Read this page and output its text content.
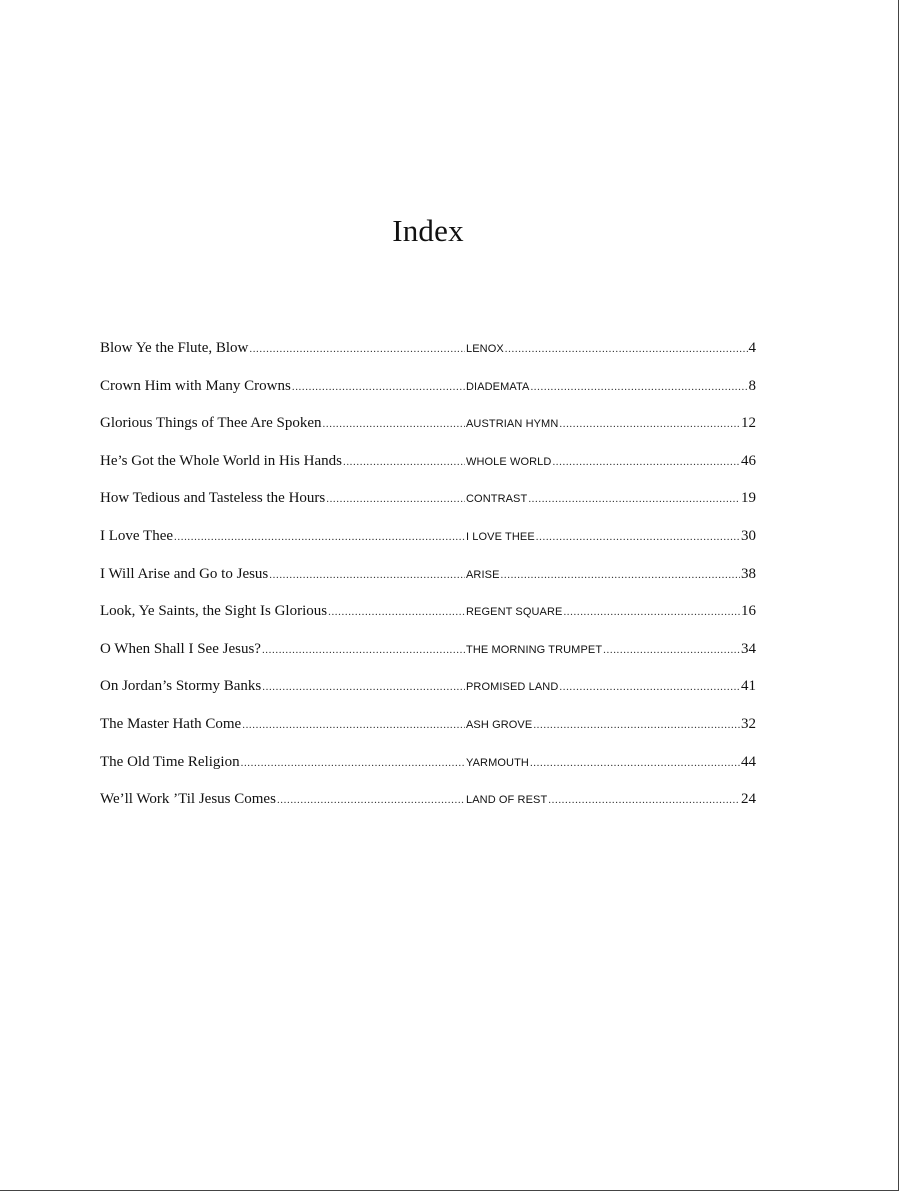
Index
Blow Ye the Flute, Blow .....	LENOX .....	4
Crown Him with Many Crowns .....	DIADEMATA .....	8
Glorious Things of Thee Are Spoken .....	AUSTRIAN HYMN .....	12
He’s Got the Whole World in His Hands .....	WHOLE WORLD .....	46
How Tedious and Tasteless the Hours .....	CONTRAST .....	19
I Love Thee .....	I LOVE THEE .....	30
I Will Arise and Go to Jesus .....	ARISE .....	38
Look, Ye Saints, the Sight Is Glorious .....	REGENT SQUARE .....	16
O When Shall I See Jesus? .....	THE MORNING TRUMPET .....	34
On Jordan’s Stormy Banks .....	PROMISED LAND .....	41
The Master Hath Come .....	ASH GROVE .....	32
The Old Time Religion .....	YARMOUTH .....	44
We’ll Work ’Til Jesus Comes .....	LAND OF REST .....	24
